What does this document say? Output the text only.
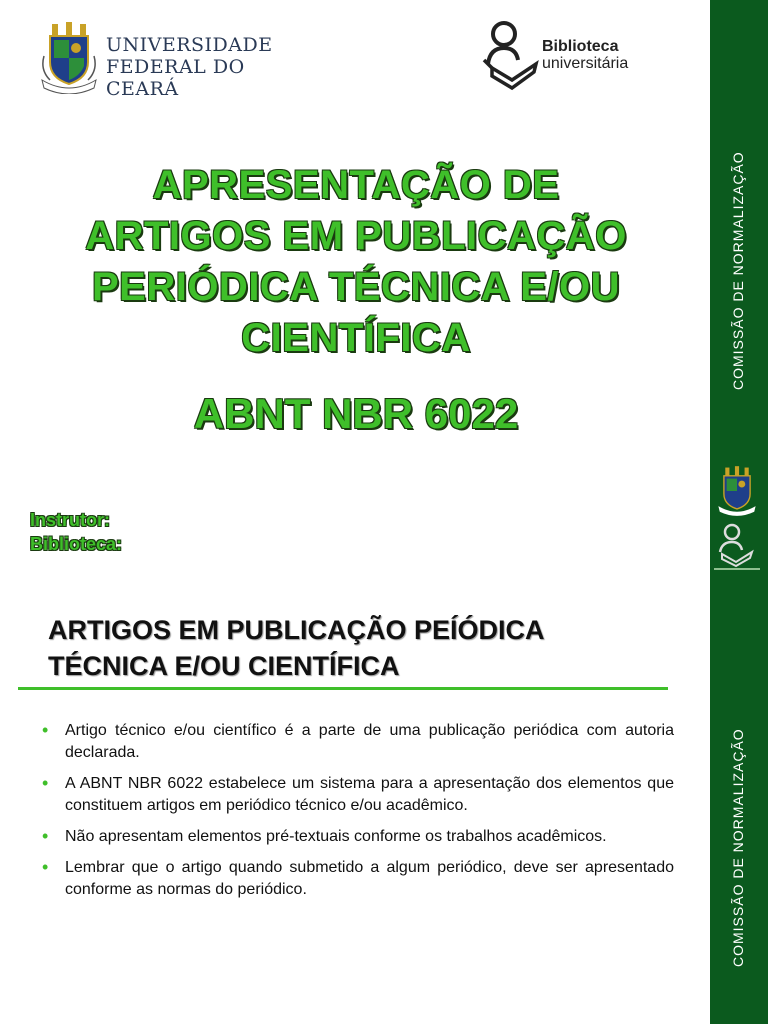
UNIVERSIDADE
FEDERAL DO CEARÁ
Biblioteca
universitária
APRESENTAÇÃO DE
ARTIGOS EM PUBLICAÇÃO
PERIÓDICA TÉCNICA E/OU
CIENTÍFICA
ABNT NBR 6022
Instrutor:
Biblioteca:
COMISSÃO DE NORMALIZAÇÃO
ARTIGOS EM PUBLICAÇÃO PEÍÓDICA
TÉCNICA E/OU CIENTÍFICA
• Artigo técnico e/ou científico é a parte de uma publicação periódica com autoria declarada.
• A ABNT NBR 6022 estabelece um sistema para a apresentação dos elementos que constituem artigos em periódico técnico e/ou acadêmico.
• Não apresentam elementos pré-textuais conforme os trabalhos acadêmicos.
• Lembrar que o artigo quando submetido a algum periódico, deve ser apresentado conforme as normas do periódico.	COMISSÃO DE NORMALIZAÇÃO
